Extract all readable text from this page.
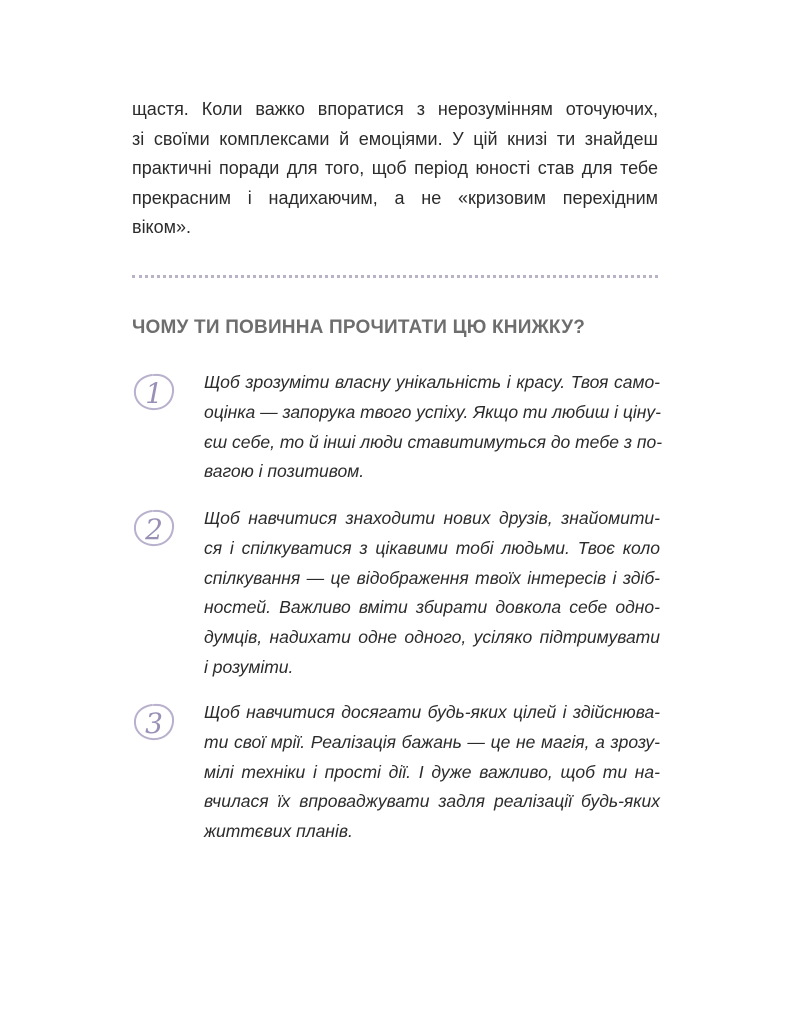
щастя. Коли важко впоратися з нерозумінням оточуючих,
зі своїми комплексами й емоціями. У цій книзі ти знайдеш
практичні поради для того, щоб період юності став для тебе
прекрасним і надихаючим, а не «кризовим перехідним
віком».

ЧОМУ ТИ ПОВИННА ПРОЧИТАТИ ЦЮ КНИЖКУ?
1 Щоб зрозуміти власну унікальність і красу. Твоя само-
оцінка — запорука твого успіху. Якщо ти любиш і ціну-
єш себе, то й інші люди ставитимуться до тебе з по-
вагою і позитивом.

2 Щоб навчитися знаходити нових друзів, знайомити-
ся і спілкуватися з цікавими тобі людьми. Твоє коло
спілкування — це відображення твоїх інтересів і здіб-
ностей. Важливо вміти збирати довкола себе одно-
думців, надихати одне одного, усіляко підтримувати
і розуміти.

3 Щоб навчитися досягати будь-яких цілей і здійснюва-
ти свої мрії. Реалізація бажань — це не магія, а зрозу-
мілі техніки і прості дії. І дуже важливо, щоб ти на-
вчилася їх впроваджувати задля реалізації будь-яких
життєвих планів.
